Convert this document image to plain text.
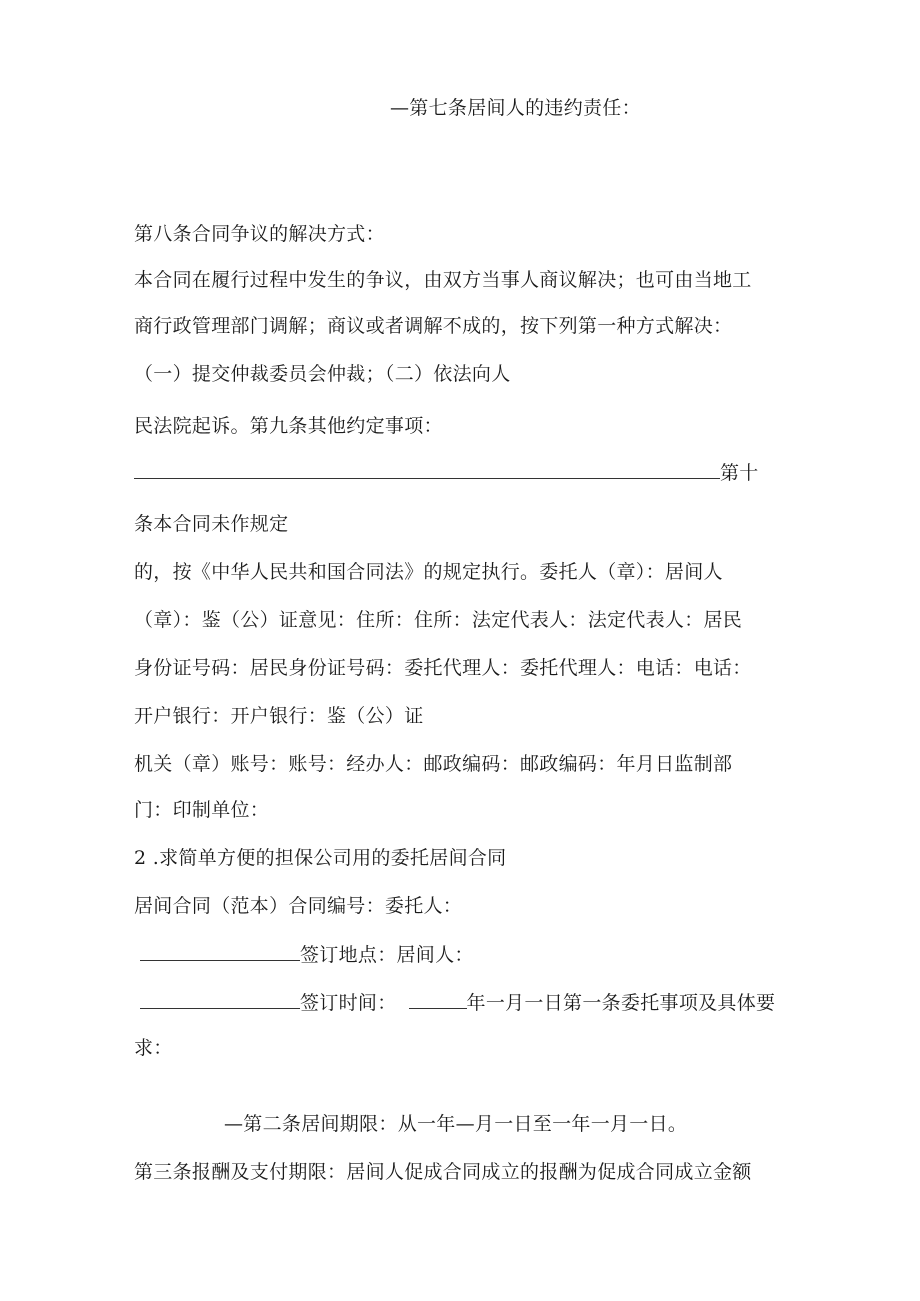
—第七条居间人的违约责任：
第八条合同争议的解决方式：
本合同在履行过程中发生的争议，由双方当事人商议解决；也可由当地工
商行政管理部门调解；商议或者调解不成的，按下列第一种方式解决：
（一）提交仲裁委员会仲裁；（二）依法向人
民法院起诉。第九条其他约定事项：
第十
条本合同未作规定
的，按《中华人民共和国合同法》的规定执行。委托人（章）：居间人
（章）：鉴（公）证意见：住所：住所：法定代表人：法定代表人：居民
身份证号码：居民身份证号码：委托代理人：委托代理人：电话：电话：
开户银行：开户银行：鉴（公）证
机关（章）账号：账号：经办人：邮政编码：邮政编码：年月日监制部
门：印制单位：
2 .求简单方便的担保公司用的委托居间合同
居间合同（范本）合同编号：委托人：
签订地点：居间人：
签订时间：	年一月一日第一条委托事项及具体要
求：
—第二条居间期限：从一年—月一日至一年一月一日。
第三条报酬及支付期限：居间人促成合同成立的报酬为促成合同成立金额
